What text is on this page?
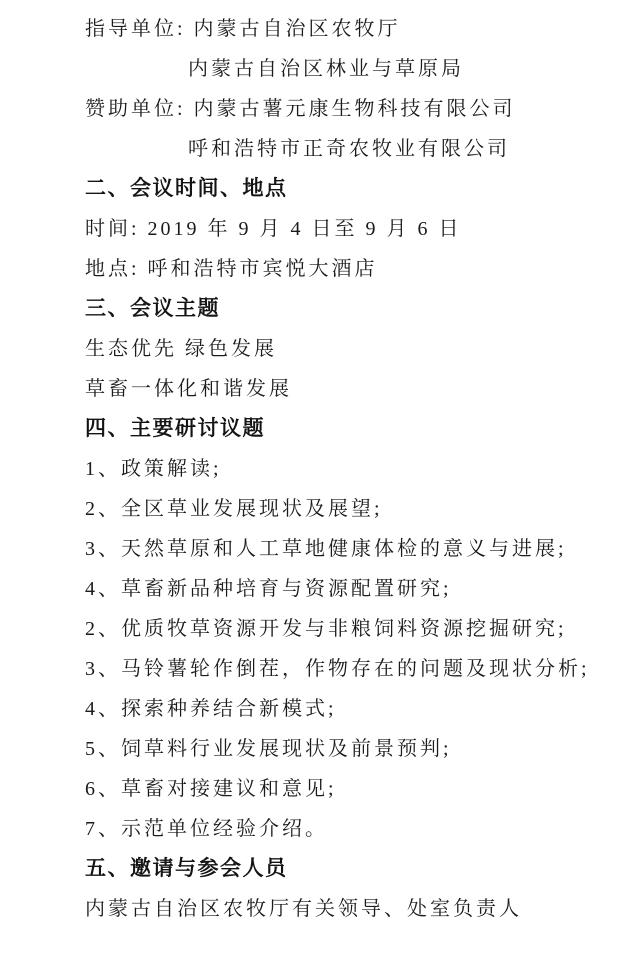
指导单位: 内蒙古自治区农牧厅

内蒙古自治区林业与草原局

赞助单位: 内蒙古薯元康生物科技有限公司

呼和浩特市正奇农牧业有限公司

二、会议时间、地点

时间: 2019 年 9 月 4 日至 9 月 6 日

地点: 呼和浩特市宾悦大酒店

三、会议主题

生态优先 绿色发展

草畜一体化和谐发展

四、主要研讨议题

1、政策解读;

2、全区草业发展现状及展望;

3、天然草原和人工草地健康体检的意义与进展;

4、草畜新品种培育与资源配置研究;

2、优质牧草资源开发与非粮饲料资源挖掘研究;

3、马铃薯轮作倒茬，作物存在的问题及现状分析;

4、探索种养结合新模式;

5、饲草料行业发展现状及前景预判;

6、草畜对接建议和意见;

7、示范单位经验介绍。

五、邀请与参会人员

内蒙古自治区农牧厅有关领导、处室负责人
